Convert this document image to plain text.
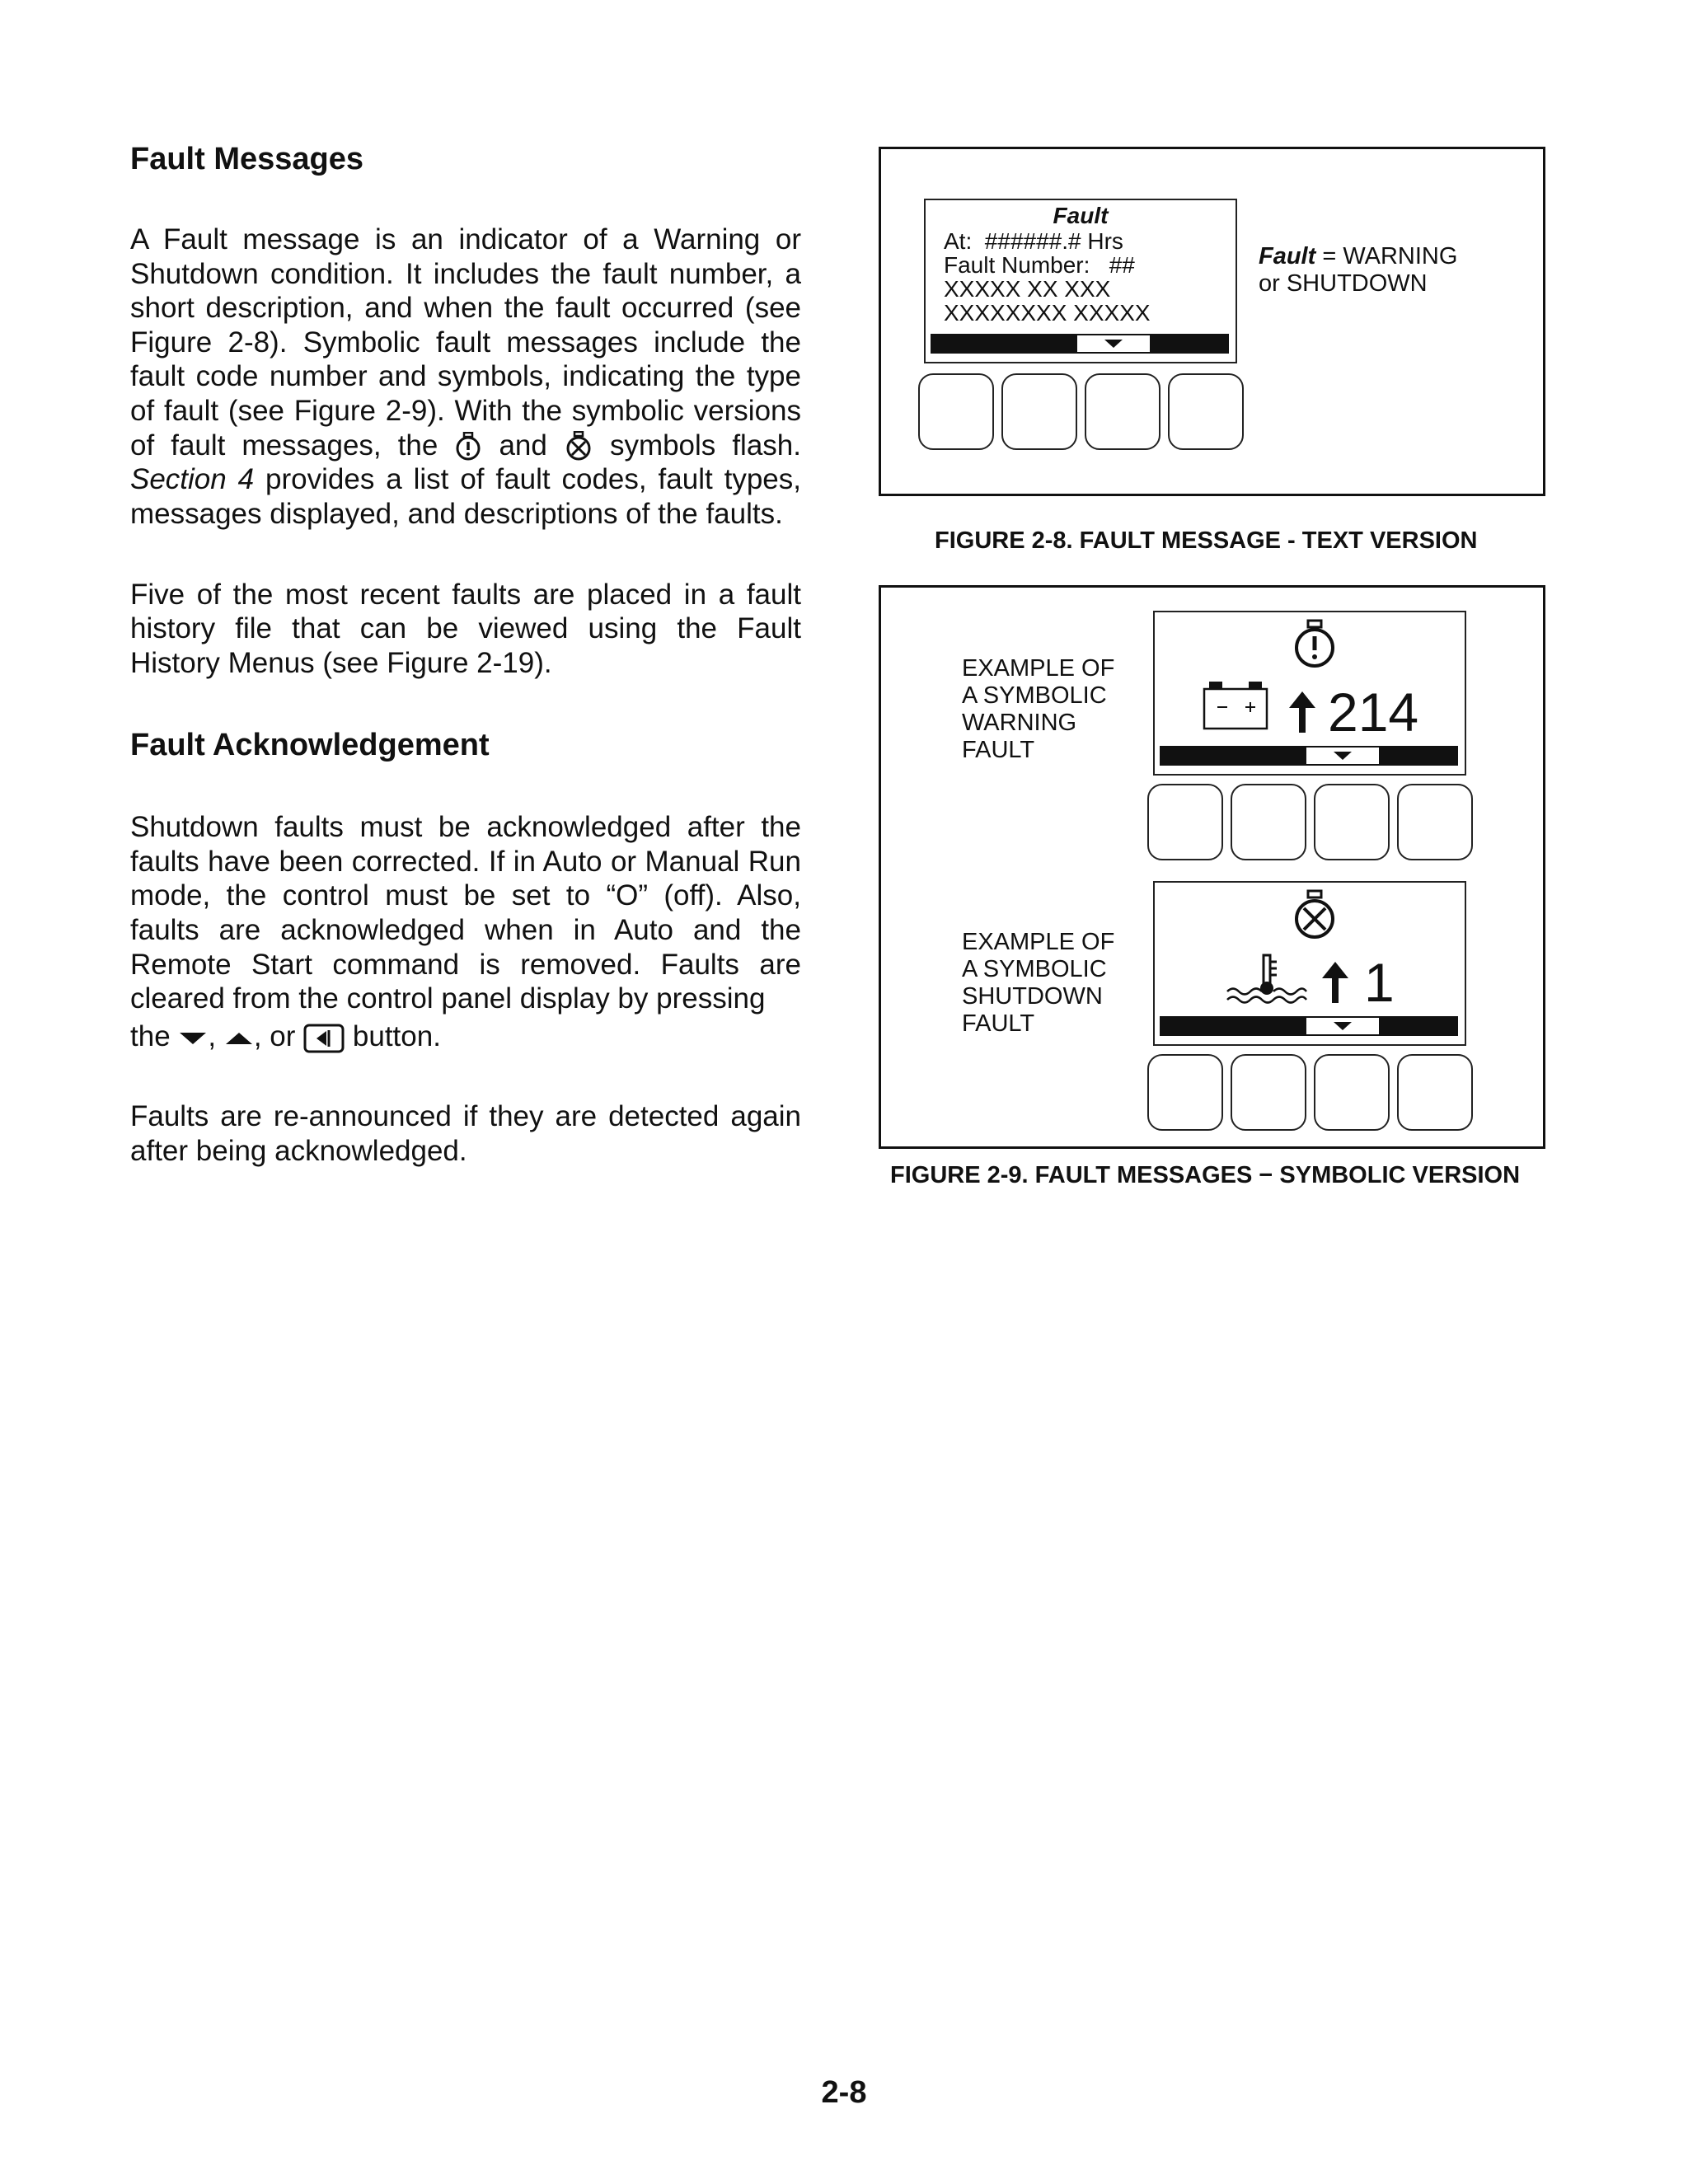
Fault Messages

A Fault message is an indicator of a Warning or Shutdown condition. It includes the fault number, a short description, and when the fault occurred (see Figure 2-8). Symbolic fault messages include the fault code number and symbols, indicating the type of fault (see Figure 2-9). With the symbolic versions of fault messages, the and symbols flash. Section 4 provides a list of fault codes, fault types, messages displayed, and descriptions of the faults.

Five of the most recent faults are placed in a fault history file that can be viewed using the Fault History Menus (see Figure 2-19).

Fault Acknowledgement

Shutdown faults must be acknowledged after the faults have been corrected. If in Auto or Manual Run mode, the control must be set to “O” (off). Also, faults are acknowledged when in Auto and the Remote Start command is removed. Faults are cleared from the control panel display by pressing

the , , or button.

Faults are re-announced if they are detected again after being acknowledged.

Fault
At:  ######.# Hrs
Fault Number:   ##
XXXXX XX XXX
XXXXXXXX XXXXX
Fault = WARNING
or SHUTDOWN
FIGURE 2-8. FAULT MESSAGE - TEXT VERSION
EXAMPLE OF
A SYMBOLIC
WARNING
FAULT
214
EXAMPLE OF
A SYMBOLIC
SHUTDOWN
FAULT
1
FIGURE 2-9. FAULT MESSAGES − SYMBOLIC VERSION
2-8
